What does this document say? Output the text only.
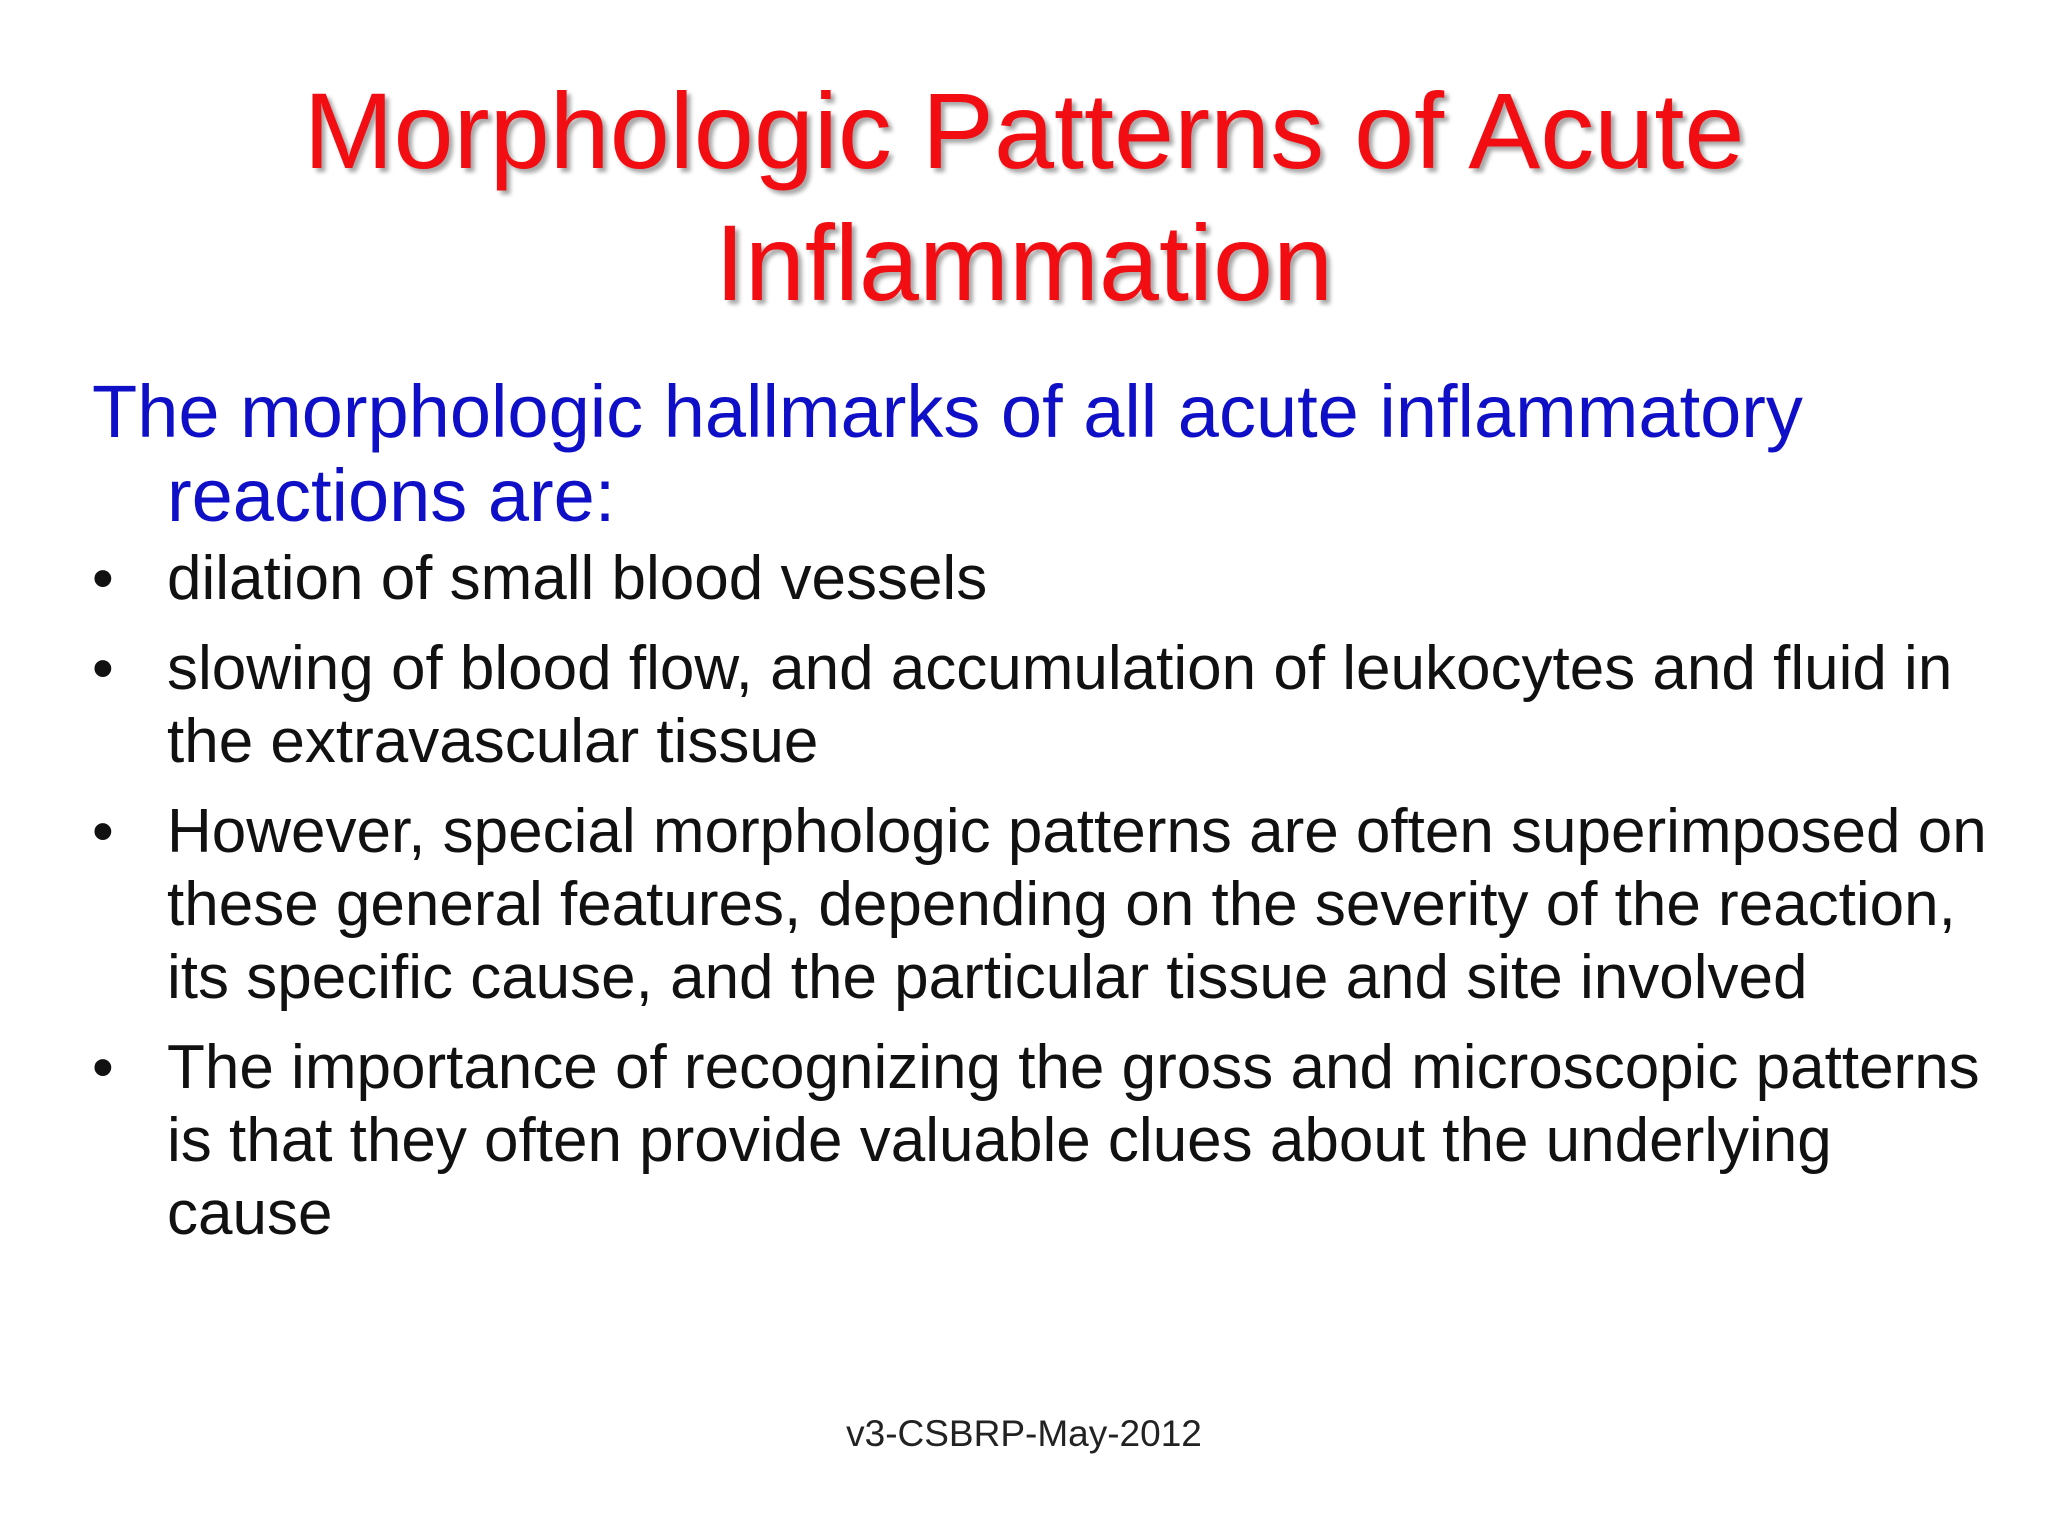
Morphologic Patterns of Acute Inflammation

The morphologic hallmarks of all acute inflammatory reactions are:

• dilation of small blood vessels
• slowing of blood flow, and accumulation of leukocytes and fluid in the extravascular tissue
• However, special morphologic patterns are often superimposed on these general features, depending on the severity of the reaction, its specific cause, and the particular tissue and site involved
• The importance of recognizing the gross and microscopic patterns is that they often provide valuable clues about the underlying cause
v3-CSBRP-May-2012
